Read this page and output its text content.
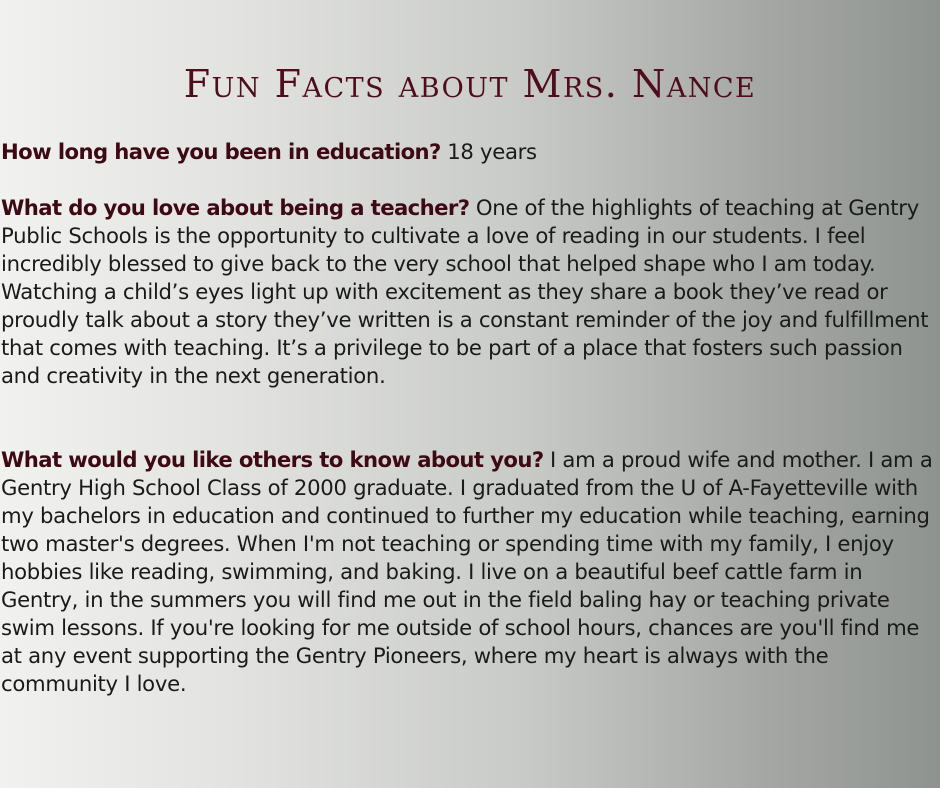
Fun Facts about Mrs. Nance

How long have you been in education? 18 years

What do you love about being a teacher? One of the highlights of teaching at Gentry Public Schools is the opportunity to cultivate a love of reading in our students. I feel incredibly blessed to give back to the very school that helped shape who I am today. Watching a child’s eyes light up with excitement as they share a book they’ve read or proudly talk about a story they’ve written is a constant reminder of the joy and fulfillment that comes with teaching. It’s a privilege to be part of a place that fosters such passion and creativity in the next generation.

What would you like others to know about you? I am a proud wife and mother. I am a Gentry High School Class of 2000 graduate. I graduated from the U of A-Fayetteville with my bachelors in education and continued to further my education while teaching, earning two master's degrees. When I'm not teaching or spending time with my family, I enjoy hobbies like reading, swimming, and baking. I live on a beautiful beef cattle farm in Gentry, in the summers you will find me out in the field baling hay or teaching private swim lessons. If you're looking for me outside of school hours, chances are you'll find me at any event supporting the Gentry Pioneers, where my heart is always with the community I love.
